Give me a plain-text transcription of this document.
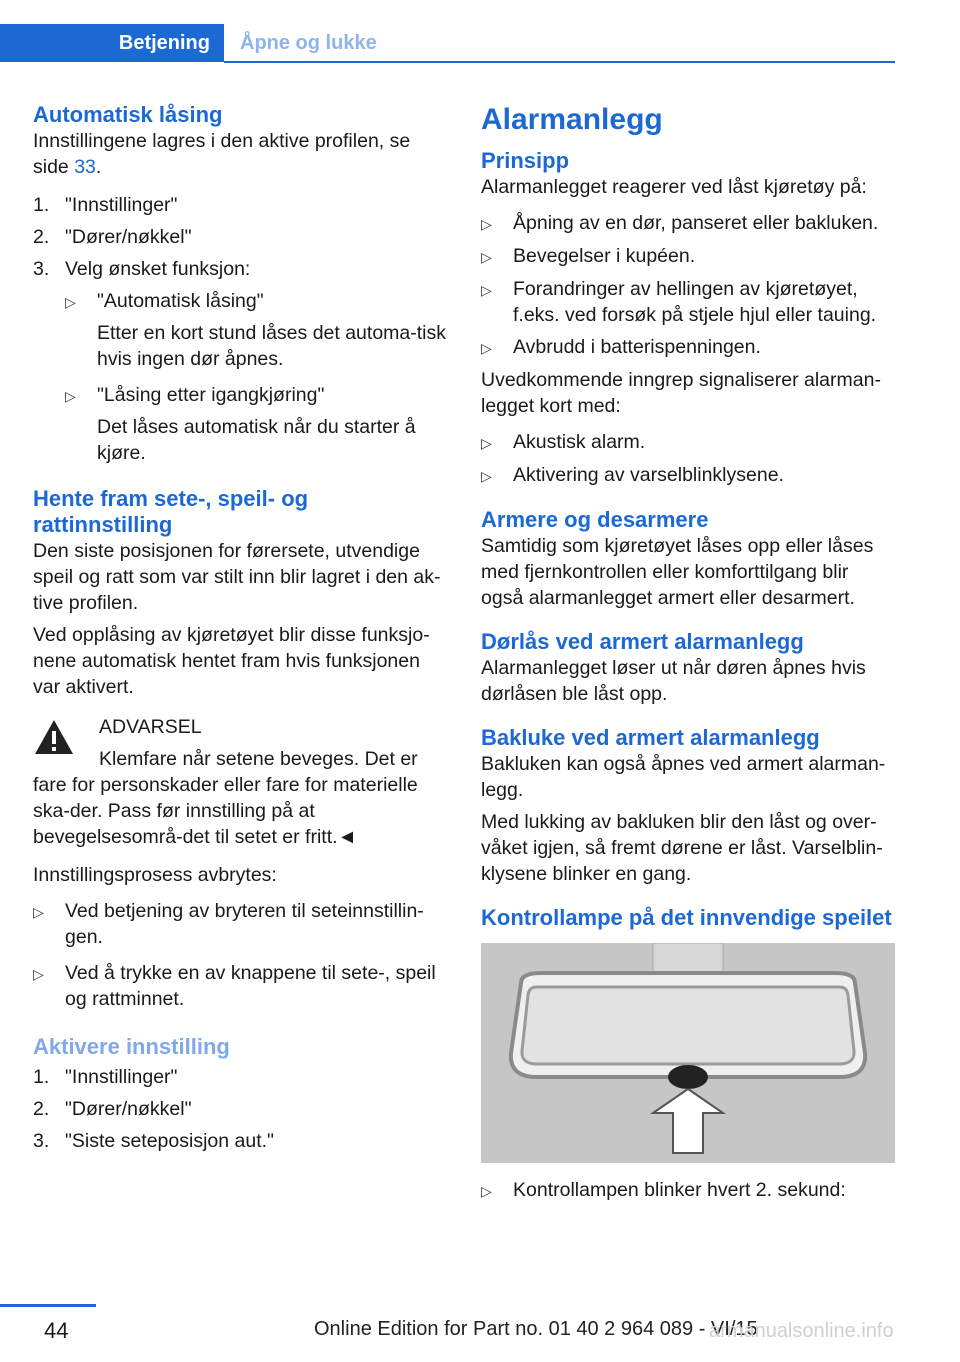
Betjening	Åpne og lukke
Automatisk låsing

Innstillingene lagres i den aktive profilen, se side 33.

1. "Innstillinger"
2. "Dører/nøkkel"
3. Velg ønsket funksjon:
▷	"Automatisk låsing"
Etter en kort stund låses det automa-tisk hvis ingen dør åpnes.
▷	"Låsing etter igangkjøring"
Det låses automatisk når du starter å kjøre.
Hente fram sete-, speil- og rattinnstilling

Den siste posisjonen for førersete, utvendige speil og ratt som var stilt inn blir lagret i den ak-tive profilen.

Ved opplåsing av kjøretøyet blir disse funksjo-nene automatisk hentet fram hvis funksjonen var aktivert.

ADVARSEL

Klemfare når setene beveges. Det er fare for personskader eller fare for materielle ska-der. Pass før innstilling på at bevegelsesområ-det til setet er fritt.◄

Innstillingsprosess avbrytes:

▷	Ved betjening av bryteren til seteinnstillin-gen.
▷	Ved å trykke en av knappene til sete-, speil og rattminnet.
Aktivere innstilling
1. "Innstillinger"
2. "Dører/nøkkel"
3. "Siste seteposisjon aut."
Alarmanlegg
Prinsipp

Alarmanlegget reagerer ved låst kjøretøy på:

▷	Åpning av en dør, panseret eller bakluken.
▷	Bevegelser i kupéen.
▷	Forandringer av hellingen av kjøretøyet, f.eks. ved forsøk på stjele hjul eller tauing.
▷	Avbrudd i batterispenningen.

Uvedkommende inngrep signaliserer alarman-legget kort med:

▷	Akustisk alarm.
▷	Aktivering av varselblinklysene.
Armere og desarmere

Samtidig som kjøretøyet låses opp eller låses med fjernkontrollen eller komforttilgang blir også alarmanlegget armert eller desarmert.

Dørlås ved armert alarmanlegg

Alarmanlegget løser ut når døren åpnes hvis dørlåsen ble låst opp.

Bakluke ved armert alarmanlegg

Bakluken kan også åpnes ved armert alarman-legg.

Med lukking av bakluken blir den låst og over-våket igjen, så fremt dørene er låst. Varselblin-klysene blinker en gang.

Kontrollampe på det innvendige speilet
▷	Kontrollampen blinker hvert 2. sekund:
44	Online Edition for Part no. 01 40 2 964 089 - VI/15
armanualsonline.info
